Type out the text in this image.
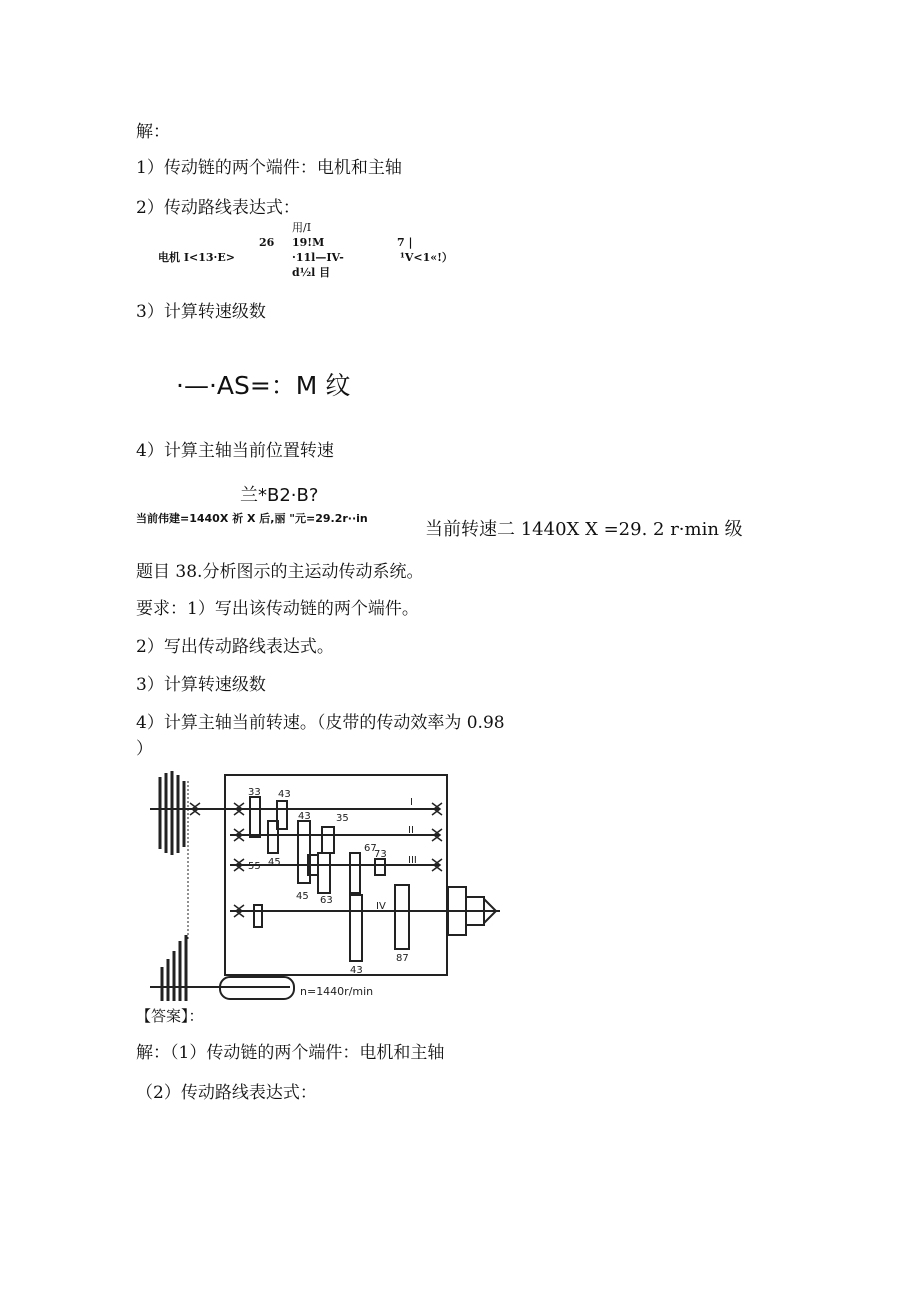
解：
1）传动链的两个端件：电机和主轴
2）传动路线表达式：
用/I
26 19!M	7 |
电机 I<13·E>	·11l—IV-	¹V<1«!）
d½l 目
3）计算转速级数
·—·AS=：M 纹
4）计算主轴当前位置转速
兰*B2·B?
当前伟建=1440X 祈 X 后,丽 "元=29.2r··in
当前转速二 1440X X =29. 2 r·min 级
题目 38.分析图示的主运动传动系统。
要求：1）写出该传动链的两个端件。
2）写出传动路线表达式。
3）计算转速级数
4）计算主轴当前转速。（皮带的传动效率为 0.98
）
33 43
43	35
55 45
67
73
45 63
43
87
I
II
III
IV
n=1440r/min
【答案】：
解：（1）传动链的两个端件：电机和主轴
（2）传动路线表达式：
